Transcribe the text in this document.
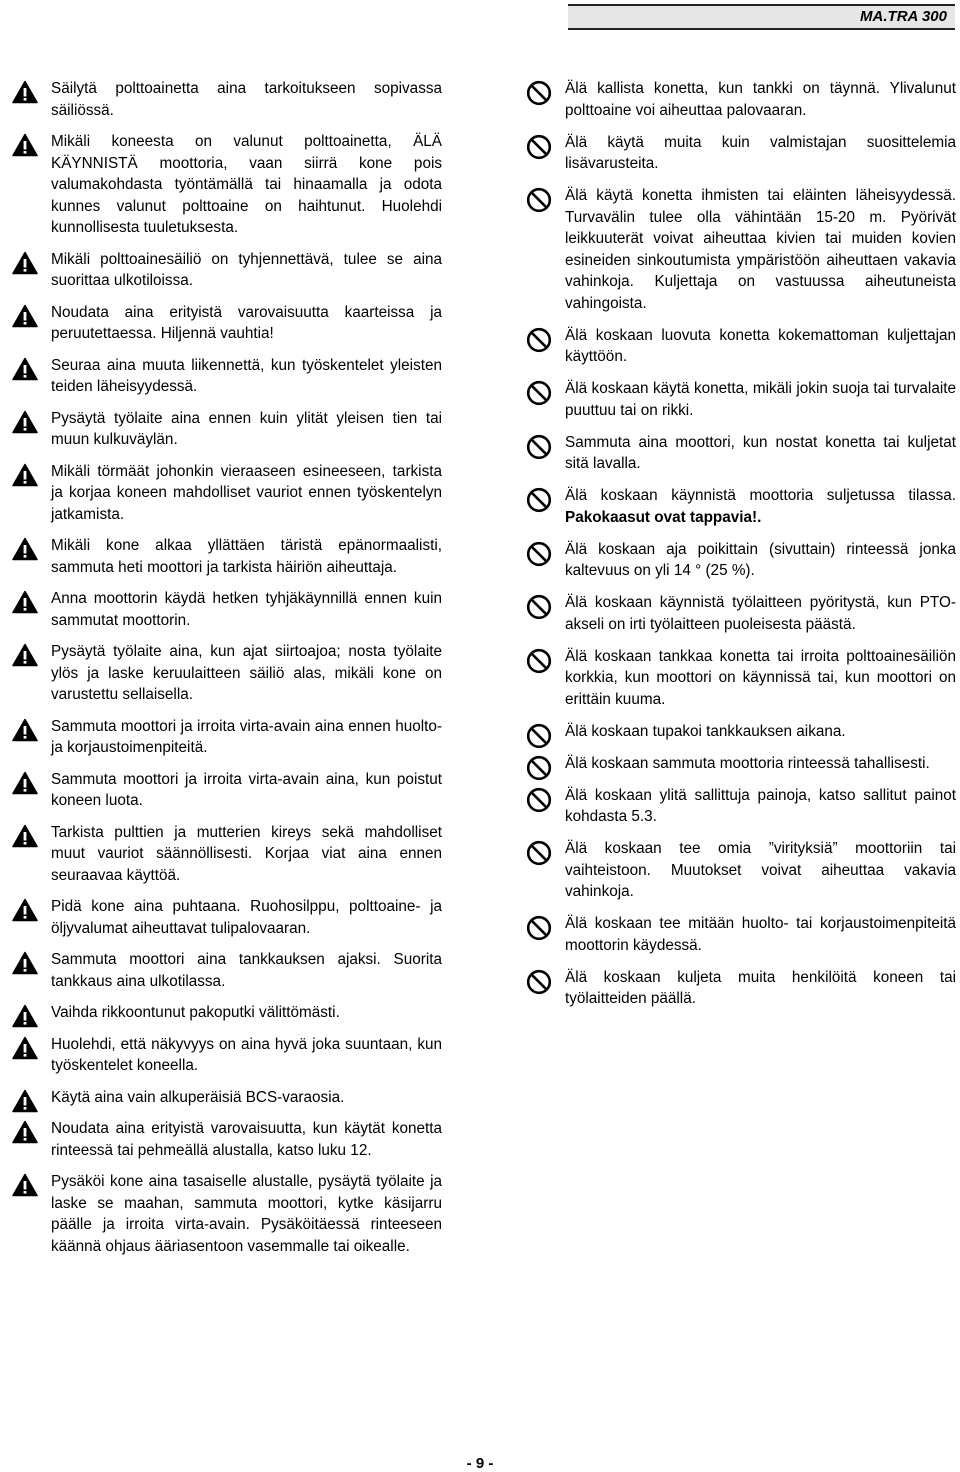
MA.TRA 300
Säilytä polttoainetta aina tarkoitukseen sopivassa säiliössä.
Mikäli koneesta on valunut polttoainetta, ÄLÄ KÄYNNISTÄ moottoria, vaan siirrä kone pois valumakohdasta työntämällä tai hinaamalla ja odota kunnes valunut polttoaine on haihtunut. Huolehdi kunnollisesta tuuletuksesta.
Mikäli polttoainesäiliö on tyhjennettävä, tulee se aina suorittaa ulkotiloissa.
Noudata aina erityistä varovaisuutta kaarteissa ja peruutettaessa. Hiljennä vauhtia!
Seuraa aina muuta liikennettä, kun työskentelet yleisten teiden läheisyydessä.
Pysäytä työlaite aina ennen kuin ylität yleisen tien tai muun kulkuväylän.
Mikäli törmäät johonkin vieraaseen esineeseen, tarkista ja korjaa koneen mahdolliset vauriot ennen työskentelyn jatkamista.
Mikäli kone alkaa yllättäen täristä epänormaalisti, sammuta heti moottori ja tarkista häiriön aiheuttaja.
Anna moottorin käydä hetken tyhjäkäynnillä ennen kuin sammutat moottorin.
Pysäytä työlaite aina, kun ajat siirtoajoa; nosta työlaite ylös ja laske keruulaitteen säiliö alas, mikäli kone on varustettu sellaisella.
Sammuta moottori ja irroita virta-avain aina ennen huolto- ja korjaustoimenpiteitä.
Sammuta moottori ja irroita virta-avain aina, kun poistut koneen luota.
Tarkista pulttien ja mutterien kireys sekä mahdolliset muut vauriot säännöllisesti. Korjaa viat aina ennen seuraavaa käyttöä.
Pidä kone aina puhtaana. Ruohosilppu, polttoaine- ja öljyvalumat aiheuttavat tulipalovaaran.
Sammuta moottori aina tankkauksen ajaksi. Suorita tankkaus aina ulkotilassa.
Vaihda rikkoontunut pakoputki välittömästi.
Huolehdi, että näkyvyys on aina hyvä joka suuntaan, kun työskentelet koneella.
Käytä aina vain alkuperäisiä BCS-varaosia.
Noudata aina erityistä varovaisuutta, kun käytät konetta rinteessä tai pehmeällä alustalla, katso luku 12.
Pysäköi kone aina tasaiselle alustalle, pysäytä työlaite ja laske se maahan, sammuta moottori, kytke käsijarru päälle ja irroita virta-avain. Pysäköitäessä rinteeseen käännä ohjaus ääriasentoon vasemmalle tai oikealle.
Älä kallista konetta, kun tankki on täynnä. Ylivalunut polttoaine voi aiheuttaa palovaaran.
Älä käytä muita kuin valmistajan suosittelemia lisävarusteita.
Älä käytä konetta ihmisten tai eläinten läheisyydessä. Turvavälin tulee olla vähintään 15-20 m. Pyörivät leikkuuterät voivat aiheuttaa kivien tai muiden kovien esineiden sinkoutumista ympäristöön aiheuttaen vakavia vahinkoja. Kuljettaja on vastuussa aiheutuneista vahingoista.
Älä koskaan luovuta konetta kokemattoman kuljettajan käyttöön.
Älä koskaan käytä konetta, mikäli jokin suoja tai turvalaite puuttuu tai on rikki.
Sammuta aina moottori, kun nostat konetta tai kuljetat sitä lavalla.
Älä koskaan käynnistä moottoria suljetussa tilassa. Pakokaasut ovat tappavia!.
Älä koskaan aja poikittain (sivuttain) rinteessä jonka kaltevuus on yli 14 ° (25 %).
Älä koskaan käynnistä työlaitteen pyöritystä, kun PTO-akseli on irti työlaitteen puoleisesta päästä.
Älä koskaan tankkaa konetta tai irroita polttoainesäiliön korkkia, kun moottori on käynnissä tai, kun moottori on erittäin kuuma.
Älä koskaan tupakoi tankkauksen aikana.
Älä koskaan sammuta moottoria rinteessä tahallisesti.
Älä koskaan ylitä sallittuja painoja, katso sallitut painot kohdasta 5.3.
Älä koskaan tee omia ”virityksiä” moottoriin tai vaihteistoon. Muutokset voivat aiheuttaa vakavia vahinkoja.
Älä koskaan tee mitään huolto- tai korjaustoimenpiteitä moottorin käydessä.
Älä koskaan kuljeta muita henkilöitä koneen tai työlaitteiden päällä.
- 9 -
